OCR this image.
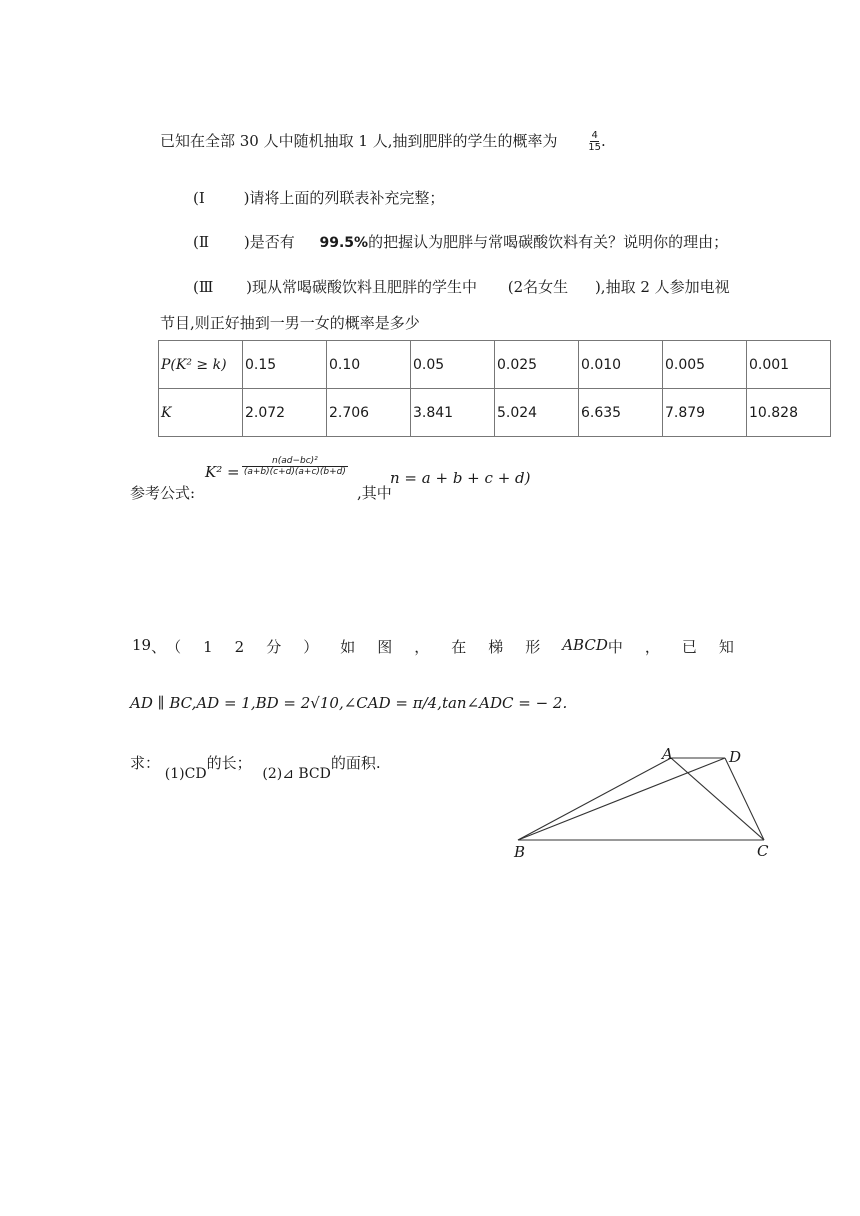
已知在全部 30 人中随机抽取 1 人,抽到肥胖的学生的概率为	$\frac{4}{15}$ .
(Ⅰ	)请将上面的列联表补充完整；
(Ⅱ )是否有 99.5%的把握认为肥胖与常喝碳酸饮料有关？说明你的理由；
(Ⅲ )现从常喝碳酸饮料且肥胖的学生中 (2名女生 ),抽取 2 人参加电视
节目,则正好抽到一男一女的概率是多少
P(K² ≥ k)	0.15	0.10	0.05	0.025	0.010	0.005	0.001
K	2.072	2.706	3.841	5.024	6.635	7.879	10.828
参考公式:
$K^2 = \frac{\text{n(ad−bc)²}}{(a+b)(c+d)(a+c)(b+d)}$
,其中
n = a + b + c + d)
19 、 （12分） 如图，在梯形 ABCD 中，已知
AD ∥ BC,AD = 1,BD = 2√10,∠CAD = π/4,tan∠ADC = − 2.
求： (1)CD的长； (2)⊿ BCD的面积.	A	D
B	C
